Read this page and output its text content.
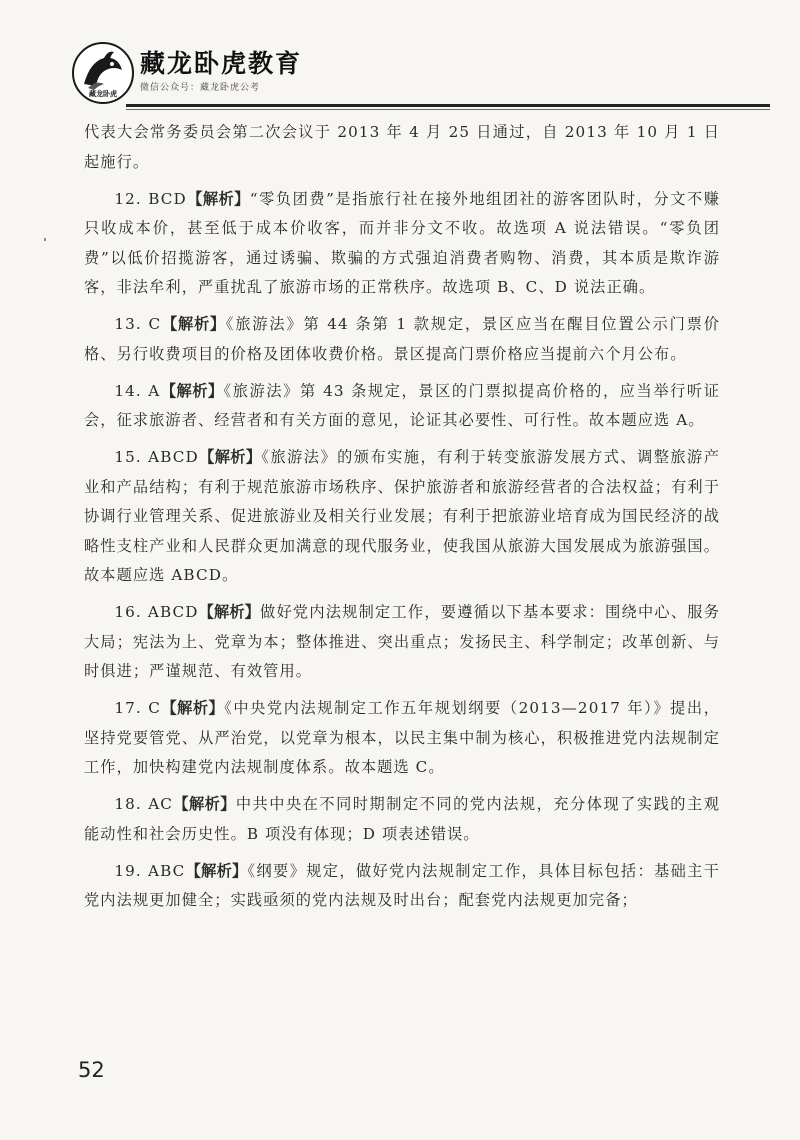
藏龙卧虎
藏龙卧虎教育
微信公众号：藏龙卧虎公考

代表大会常务委员会第二次会议于 2013 年 4 月 25 日通过，自 2013 年 10 月 1 日起施行。

12. BCD【解析】“零负团费”是指旅行社在接外地组团社的游客团队时，分文不赚只收成本价，甚至低于成本价收客，而并非分文不收。故选项 A 说法错误。“零负团费”以低价招揽游客，通过诱骗、欺骗的方式强迫消费者购物、消费，其本质是欺诈游客，非法牟利，严重扰乱了旅游市场的正常秩序。故选项 B、C、D 说法正确。

13. C【解析】《旅游法》第 44 条第 1 款规定，景区应当在醒目位置公示门票价格、另行收费项目的价格及团体收费价格。景区提高门票价格应当提前六个月公布。

14. A【解析】《旅游法》第 43 条规定，景区的门票拟提高价格的，应当举行听证会，征求旅游者、经营者和有关方面的意见，论证其必要性、可行性。故本题应选 A。

15. ABCD【解析】《旅游法》的颁布实施，有利于转变旅游发展方式、调整旅游产业和产品结构；有利于规范旅游市场秩序、保护旅游者和旅游经营者的合法权益；有利于协调行业管理关系、促进旅游业及相关行业发展；有利于把旅游业培育成为国民经济的战略性支柱产业和人民群众更加满意的现代服务业，使我国从旅游大国发展成为旅游强国。故本题应选 ABCD。

16. ABCD【解析】做好党内法规制定工作，要遵循以下基本要求：围绕中心、服务大局；宪法为上、党章为本；整体推进、突出重点；发扬民主、科学制定；改革创新、与时俱进；严谨规范、有效管用。

17. C【解析】《中央党内法规制定工作五年规划纲要（2013—2017 年）》提出，坚持党要管党、从严治党，以党章为根本，以民主集中制为核心，积极推进党内法规制定工作，加快构建党内法规制度体系。故本题选 C。

18. AC【解析】中共中央在不同时期制定不同的党内法规，充分体现了实践的主观能动性和社会历史性。B 项没有体现；D 项表述错误。

19. ABC【解析】《纲要》规定，做好党内法规制定工作，具体目标包括：基础主干党内法规更加健全；实践亟须的党内法规及时出台；配套党内法规更加完备；

52
